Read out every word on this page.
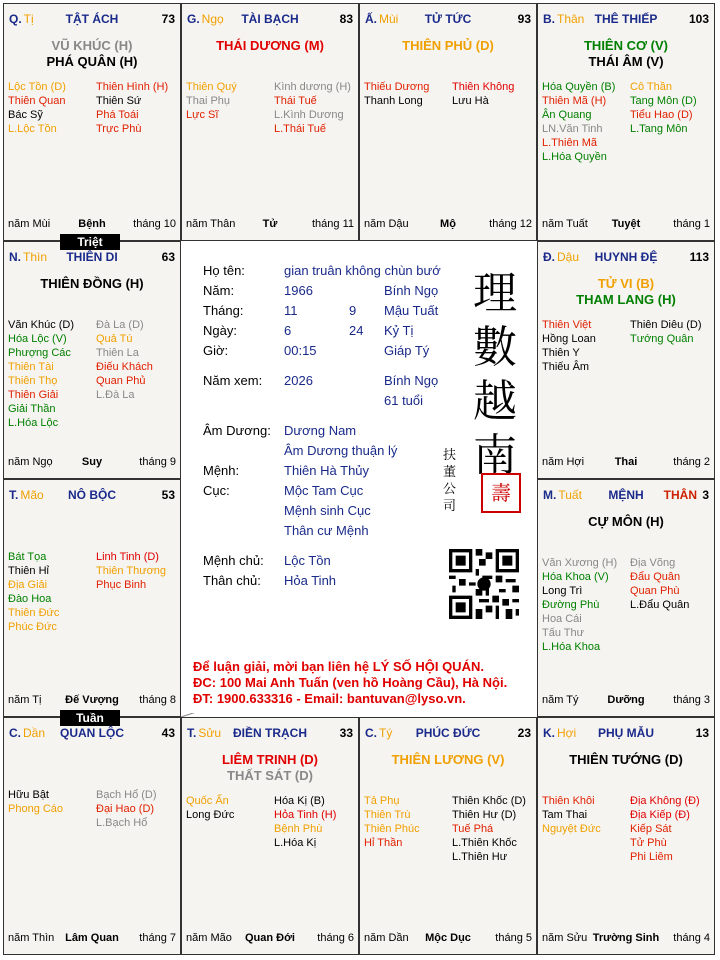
Q. Tị	TẬT ÁCH	73
VŨ KHÚC (H)
PHÁ QUÂN (H)
Lộc Tồn (D)
Thiên Quan
Bác Sỹ
L.Lộc Tồn
Thiên Hình (H)
Thiên Sứ
Phá Toái
Trực Phù
năm Mùi	Bệnh	tháng 10
G. Ngọ	TÀI BẠCH	83
THÁI DƯƠNG (M)
Thiên Quý
Thai Phụ
Lực Sĩ
Kình dương (H)
Thái Tuế
L.Kình Dương
L.Thái Tuế
năm Thân	Tử	tháng 11
Ấ. Mùi	TỬ TỨC	93
THIÊN PHỦ (D)
Thiếu Dương
Thanh Long
Thiên Không
Lưu Hà
năm Dậu	Mộ	tháng 12
B. Thân THÊ THIẾP	103
THIÊN CƠ (V)
THÁI ÂM (V)
Hóa Quyền (B)
Thiên Mã (H)
Ân Quang
LN.Văn Tinh
L.Thiên Mã
L.Hóa Quyền
Cô Thần
Tang Môn (D)
Tiểu Hao (D)
L.Tang Môn
năm Tuất	Tuyệt	tháng 1
N. Thìn	THIÊN DI	63
THIÊN ĐỒNG (H)
Văn Khúc (D)
Hóa Lộc (V)
Phượng Các
Thiên Tài
Thiên Thọ
Thiên Giải
Giải Thần
L.Hóa Lộc
Đà La (D)
Quả Tú
Thiên La
Điếu Khách
Quan Phủ
L.Đà La
năm Ngọ	Suy	tháng 9
Đ. Dậu	HUYNH ĐỆ	113
TỬ VI (B)
THAM LANG (H)
Thiên Việt
Hồng Loan
Thiên Y
Thiếu Âm
Thiên Diêu (D)
Tướng Quân
năm Hợi	Thai	tháng 2
T. Mão	NÔ BỘC	53
Bát Tọa
Thiên Hỉ
Địa Giải
Đào Hoa
Thiên Đức
Phúc Đức
Linh Tinh (D)
Thiên Thương
Phục Binh
năm Tị	Đế Vượng	tháng 8
M. Tuất	MỆNH	3
THÂN
CỰ MÔN (H)
Văn Xương (H)
Hóa Khoa (V)
Long Trì
Đường Phù
Hoa Cái
Tấu Thư
L.Hóa Khoa
Địa Võng
Đẩu Quân
Quan Phù
L.Đẩu Quân
năm Tý	Dưỡng	tháng 3
C. Dần	QUAN LỘC	43
Hữu Bật
Phong Cáo
Bạch Hổ (D)
Đại Hao (D)
L.Bạch Hổ
năm Thìn Lâm Quan	tháng 7
T. Sửu ĐIỀN TRẠCH	33
LIÊM TRINH (D)
THẤT SÁT (D)
Quốc Ấn
Long Đức
Hóa Kị (B)
Hỏa Tinh (H)
Bệnh Phù
L.Hóa Kị
năm Mão	Quan Đới	tháng 6
C. Tý	PHÚC ĐỨC	23
THIÊN LƯƠNG (V)
Tả Phụ
Thiên Trù
Thiên Phúc
Hỉ Thần
Thiên Khốc (D)
Thiên Hư (D)
Tuế Phá
L.Thiên Khốc
L.Thiên Hư
năm Dần	Mộc Dục	tháng 5
K. Hợi	PHỤ MẪU	13
THIÊN TƯỚNG (D)
Thiên Khôi
Tam Thai
Nguyệt Đức
Địa Không (Đ)
Địa Kiếp (Đ)
Kiếp Sát
Tử Phù
Phi Liêm
năm Sửu Trường Sinh	tháng 4
Họ tên:	gian truân không chùn bướ
Năm:	1966	Bính Ngọ
Tháng:	11	9 Mậu Tuất
Ngày:	6	24 Kỷ Tị
Giờ:	00:15	Giáp Tý
Năm xem: 2026	Bính Ngọ
61 tuổi
Âm Dương: Dương Nam
Âm Dương thuận lý
Mệnh:	Thiên Hà Thủy
Cục:	Mộc Tam Cục
Mệnh sinh Cục
Thân cư Mệnh
Mệnh chủ: Lộc Tồn
Thân chủ: Hỏa Tinh
理
數
越
南
扶董公司
壽
Để luận giải, mời bạn liên hệ LÝ SỐ HỘI QUÁN.
ĐC: 100 Mai Anh Tuấn (ven hồ Hoàng Cầu), Hà Nội.
ĐT: 1900.633316 - Email: bantuvan@lyso.vn.
Triệt
Tuần
